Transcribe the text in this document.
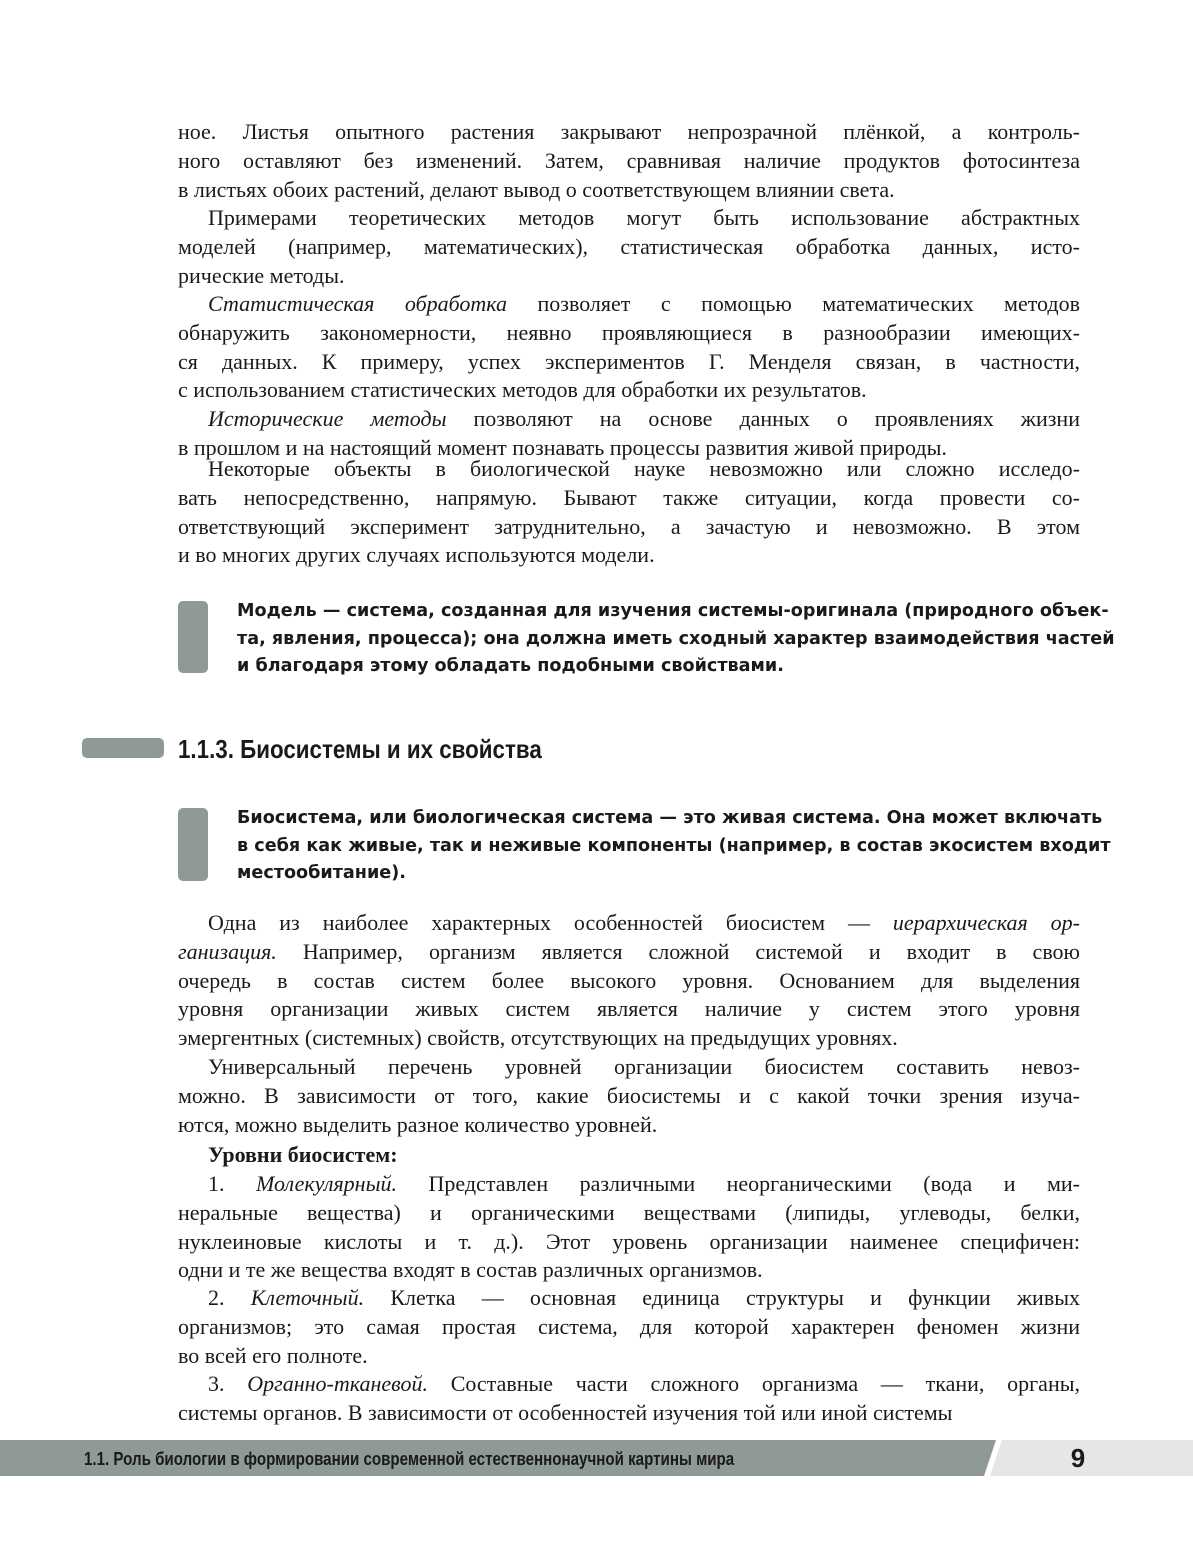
ное. Листья опытного растения закрывают непрозрачной плёнкой, а контроль-
ного оставляют без изменений. Затем, сравнивая наличие продуктов фотосинтеза
в листьях обоих растений, делают вывод о соответствующем влиянии света.
Примерами теоретических методов могут быть использование абстрактных
моделей (например, математических), статистическая обработка данных, исто-
рические методы.
Статистическая обработка позволяет с помощью математических методов
обнаружить закономерности, неявно проявляющиеся в разнообразии имеющих-
ся данных. К примеру, успех экспериментов Г. Менделя связан, в частности,
с использованием статистических методов для обработки их результатов.
Исторические методы позволяют на основе данных о проявлениях жизни
в прошлом и на настоящий момент познавать процессы развития живой природы.
Некоторые объекты в биологической науке невозможно или сложно исследо-
вать непосредственно, напрямую. Бывают также ситуации, когда провести со-
ответствующий эксперимент затруднительно, а зачастую и невозможно. В этом
и во многих других случаях используются модели.
Модель — система, созданная для изучения системы-оригинала (природного объек-
та, явления, процесса); она должна иметь сходный характер взаимодействия частей
и благодаря этому обладать подобными свойствами.
1.1.3. Биосистемы и их свойства
Биосистема, или биологическая система — это живая система. Она может включать
в себя как живые, так и неживые компоненты (например, в состав экосистем входит
местообитание).
Одна из наиболее характерных особенностей биосистем — иерархическая ор-
ганизация. Например, организм является сложной системой и входит в свою
очередь в состав систем более высокого уровня. Основанием для выделения
уровня организации живых систем является наличие у систем этого уровня
эмергентных (системных) свойств, отсутствующих на предыдущих уровнях.
Универсальный перечень уровней организации биосистем составить невоз-
можно. В зависимости от того, какие биосистемы и с какой точки зрения изуча-
ются, можно выделить разное количество уровней.
Уровни биосистем:
1. Молекулярный. Представлен различными неорганическими (вода и ми-
неральные вещества) и органическими веществами (липиды, углеводы, белки,
нуклеиновые кислоты и т. д.). Этот уровень организации наименее специфичен:
одни и те же вещества входят в состав различных организмов.
2. Клеточный. Клетка — основная единица структуры и функции живых
организмов; это самая простая система, для которой характерен феномен жизни
во всей его полноте.
3. Органно-тканевой. Составные части сложного организма — ткани, органы,
системы органов. В зависимости от особенностей изучения той или иной системы

1.1. Роль биологии в формировании современной естественнонаучной картины мира	9
